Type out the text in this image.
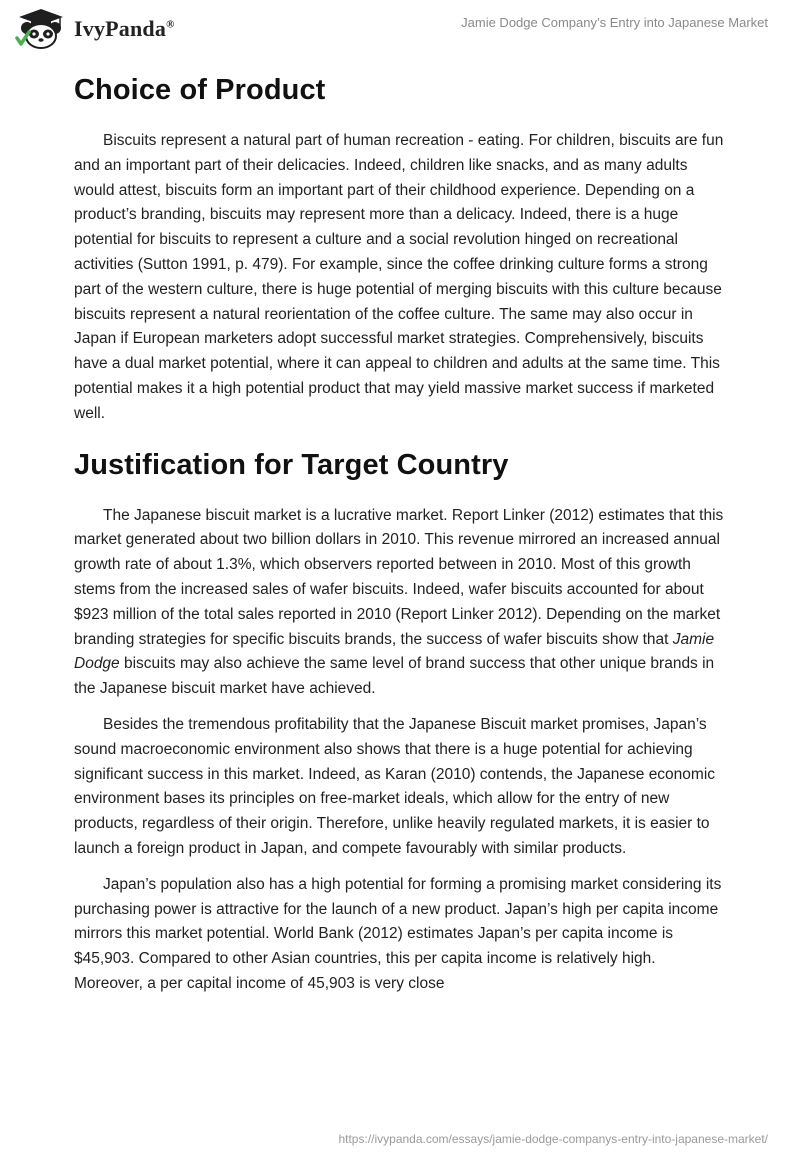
IvyPanda®	Jamie Dodge Company’s Entry into Japanese Market
Choice of Product

Biscuits represent a natural part of human recreation - eating. For children, biscuits are fun and an important part of their delicacies. Indeed, children like snacks, and as many adults would attest, biscuits form an important part of their childhood experience. Depending on a product’s branding, biscuits may represent more than a delicacy. Indeed, there is a huge potential for biscuits to represent a culture and a social revolution hinged on recreational activities (Sutton 1991, p. 479). For example, since the coffee drinking culture forms a strong part of the western culture, there is huge potential of merging biscuits with this culture because biscuits represent a natural reorientation of the coffee culture. The same may also occur in Japan if European marketers adopt successful market strategies. Comprehensively, biscuits have a dual market potential, where it can appeal to children and adults at the same time. This potential makes it a high potential product that may yield massive market success if marketed well.

Justification for Target Country

The Japanese biscuit market is a lucrative market. Report Linker (2012) estimates that this market generated about two billion dollars in 2010. This revenue mirrored an increased annual growth rate of about 1.3%, which observers reported between in 2010. Most of this growth stems from the increased sales of wafer biscuits. Indeed, wafer biscuits accounted for about $923 million of the total sales reported in 2010 (Report Linker 2012). Depending on the market branding strategies for specific biscuits brands, the success of wafer biscuits show that Jamie Dodge biscuits may also achieve the same level of brand success that other unique brands in the Japanese biscuit market have achieved.

Besides the tremendous profitability that the Japanese Biscuit market promises, Japan’s sound macroeconomic environment also shows that there is a huge potential for achieving significant success in this market. Indeed, as Karan (2010) contends, the Japanese economic environment bases its principles on free-market ideals, which allow for the entry of new products, regardless of their origin. Therefore, unlike heavily regulated markets, it is easier to launch a foreign product in Japan, and compete favourably with similar products.

Japan’s population also has a high potential for forming a promising market considering its purchasing power is attractive for the launch of a new product. Japan’s high per capita income mirrors this market potential. World Bank (2012) estimates Japan’s per capita income is $45,903. Compared to other Asian countries, this per capita income is relatively high. Moreover, a per capital income of 45,903 is very close

https://ivypanda.com/essays/jamie-dodge-companys-entry-into-japanese-market/
